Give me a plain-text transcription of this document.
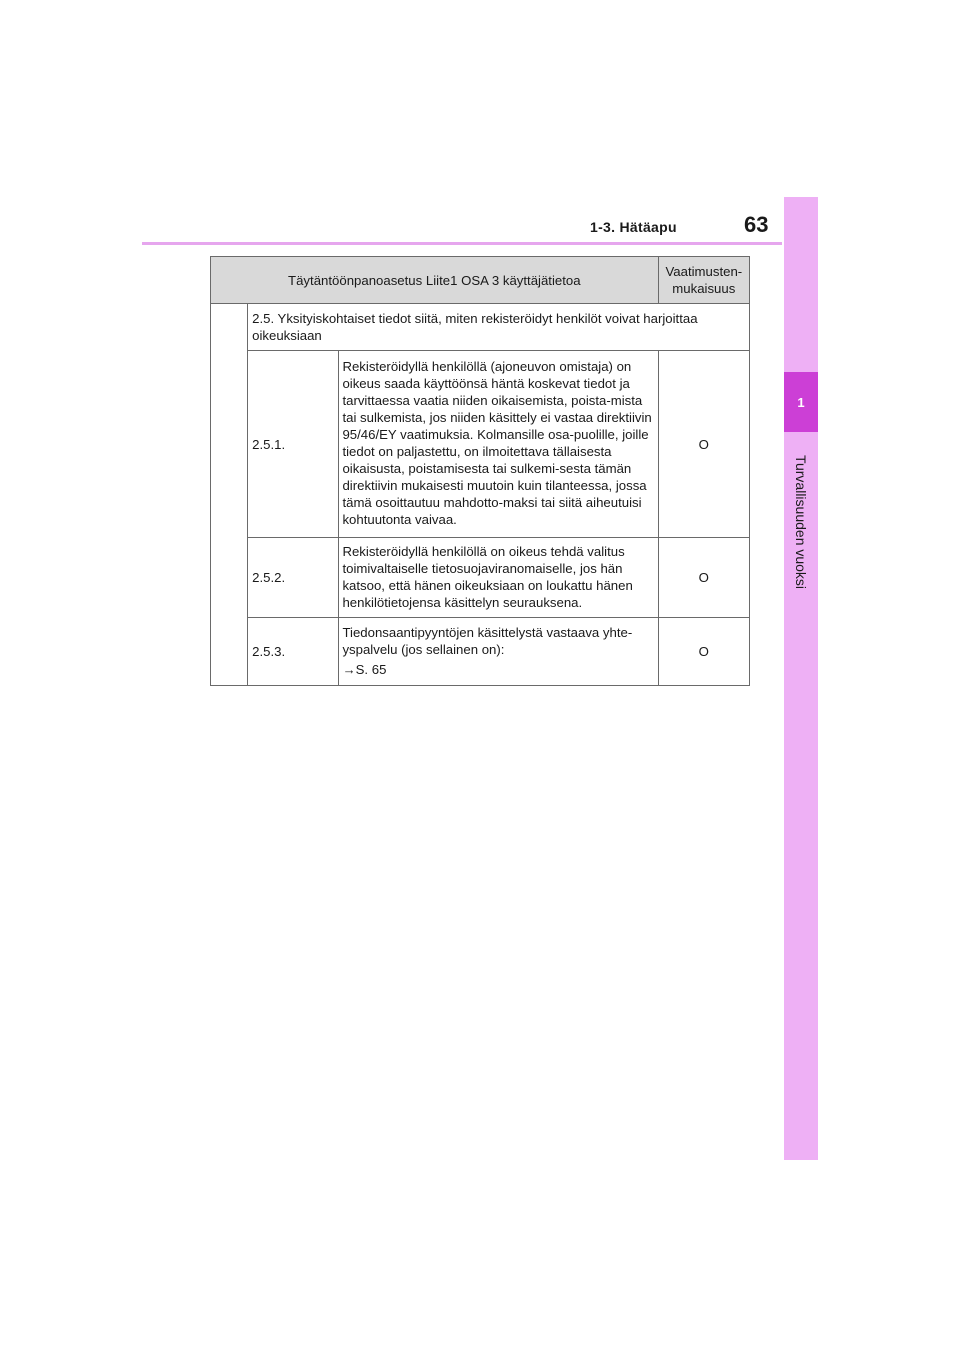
1-3. Hätäapu	63
1
Turvallisuuden vuoksi
Täytäntöönpanoasetus Liite1 OSA 3 käyttäjätietoa			Vaatimusten-mukaisuus
	2.5. Yksityiskohtaiset tiedot siitä, miten rekisteröidyt henkilöt voivat harjoittaa oikeuksiaan		
	2.5.1.	Rekisteröidyllä henkilöllä (ajoneuvon omistaja) on oikeus saada käyttöönsä häntä koskevat tiedot ja tarvittaessa vaatia niiden oikaisemista, poista-mista tai sulkemista, jos niiden käsittely ei vastaa direktiivin 95/46/EY vaatimuksia. Kolmansille osa-puolille, joille tiedot on paljastettu, on ilmoitettava tällaisesta oikaisusta, poistamisesta tai sulkemi-sesta tämän direktiivin mukaisesti muutoin kuin tilanteessa, jossa tämä osoittautuu mahdotto-maksi tai siitä aiheutuisi kohtuutonta vaivaa.	O
	2.5.2.	Rekisteröidyllä henkilöllä on oikeus tehdä valitus toimivaltaiselle tietosuojaviranomaiselle, jos hän katsoo, että hänen oikeuksiaan on loukattu hänen henkilötietojensa käsittelyn seurauksena.	O
	2.5.3.	Tiedonsaantipyyntöjen käsittelystä vastaava yhte-yspalvelu (jos sellainen on):
→S. 65	O
